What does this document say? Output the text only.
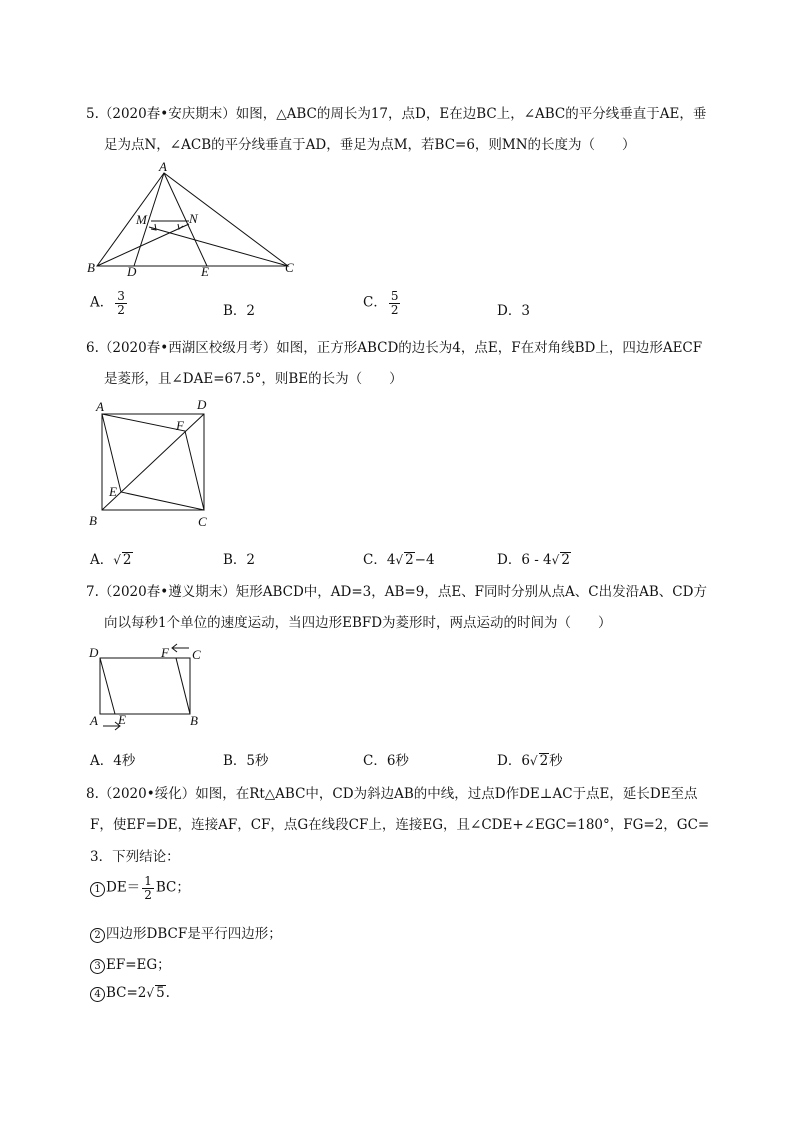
5.（2020春•安庆期末）如图，△ABC的周长为17，点D，E在边BC上，∠ABC的平分线垂直于AE，垂
足为点N，∠ACB的平分线垂直于AD，垂足为点M，若BC=6，则MN的长度为（　　）
A
B	C
D	E
M	N
A． $\frac{3}{2}$	B．2
C． $\frac{5}{2}$	D．3
6.（2020春•西湖区校级月考）如图，正方形ABCD的边长为4，点E，F在对角线BD上，四边形AECF
是菱形，且∠DAE=67.5°，则BE的长为（　　）
A	D
B	C
E
F
A．√ 2	B．2	C．4√ 2−4	D．6 - 4√ 2
7.（2020春•遵义期末）矩形ABCD中，AD=3，AB=9，点E、F同时分别从点A、C出发沿AB、CD方
向以每秒1个单位的速度运动，当四边形EBFD为菱形时，两点运动的时间为（　　）
D	F C
A E	B
A．4秒	B．5秒	C．6秒	D．6√ 2秒
8.（2020•绥化）如图，在Rt△ABC中，CD为斜边AB的中线，过点D作DE⊥AC于点E，延长DE至点
F，使EF=DE，连接AF，CF，点G在线段CF上，连接EG，且∠CDE+∠EGC=180°，FG=2，GC=
3．下列结论：
1 $DE= \frac{1}{2}$ BC；
2 四边形DBCF是平行四边形；
3 EF=EG；
4 BC=2√ 5.
